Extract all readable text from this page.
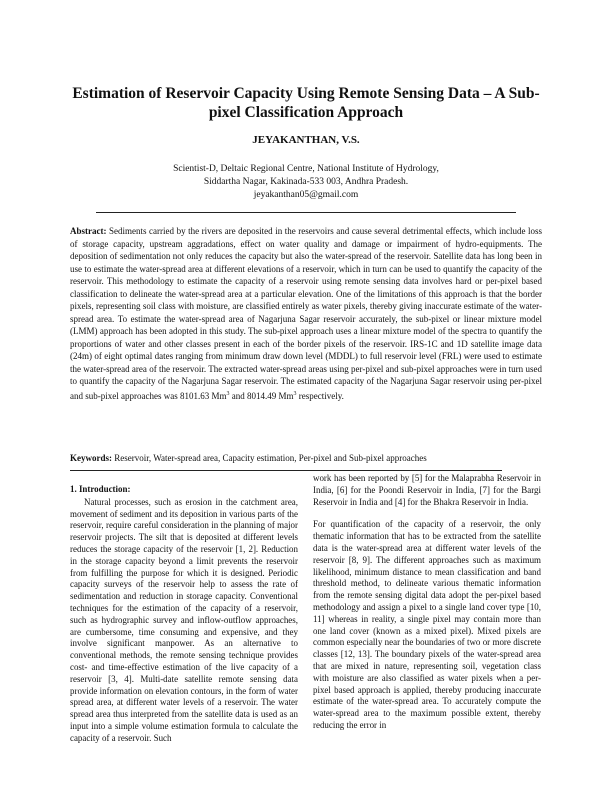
Estimation of Reservoir Capacity Using Remote Sensing Data – A Sub-pixel Classification Approach
JEYAKANTHAN, V.S.
Scientist-D, Deltaic Regional Centre, National Institute of Hydrology,
Siddartha Nagar, Kakinada-533 003, Andhra Pradesh.
jeyakanthan05@gmail.com
Abstract: Sediments carried by the rivers are deposited in the reservoirs and cause several detrimental effects, which include loss of storage capacity, upstream aggradations, effect on water quality and damage or impairment of hydro-equipments. The deposition of sedimentation not only reduces the capacity but also the water-spread of the reservoir. Satellite data has long been in use to estimate the water-spread area at different elevations of a reservoir, which in turn can be used to quantify the capacity of the reservoir. This methodology to estimate the capacity of a reservoir using remote sensing data involves hard or per-pixel based classification to delineate the water-spread area at a particular elevation. One of the limitations of this approach is that the border pixels, representing soil class with moisture, are classified entirely as water pixels, thereby giving inaccurate estimate of the water-spread area. To estimate the water-spread area of Nagarjuna Sagar reservoir accurately, the sub-pixel or linear mixture model (LMM) approach has been adopted in this study. The sub-pixel approach uses a linear mixture model of the spectra to quantify the proportions of water and other classes present in each of the border pixels of the reservoir. IRS-1C and 1D satellite image data (24m) of eight optimal dates ranging from minimum draw down level (MDDL) to full reservoir level (FRL) were used to estimate the water-spread area of the reservoir. The extracted water-spread areas using per-pixel and sub-pixel approaches were in turn used to quantify the capacity of the Nagarjuna Sagar reservoir. The estimated capacity of the Nagarjuna Sagar reservoir using per-pixel and sub-pixel approaches was 8101.63 Mm$^3$ and 8014.49 Mm$^3$ respectively.
Keywords: Reservoir, Water-spread area, Capacity estimation, Per-pixel and Sub-pixel approaches
1. Introduction:

Natural processes, such as erosion in the catchment area, movement of sediment and its deposition in various parts of the reservoir, require careful consideration in the planning of major reservoir projects. The silt that is deposited at different levels reduces the storage capacity of the reservoir [1, 2]. Reduction in the storage capacity beyond a limit prevents the reservoir from fulfilling the purpose for which it is designed. Periodic capacity surveys of the reservoir help to assess the rate of sedimentation and reduction in storage capacity. Conventional techniques for the estimation of the capacity of a reservoir, such as hydrographic survey and inflow-outflow approaches, are cumbersome, time consuming and expensive, and they involve significant manpower. As an alternative to conventional methods, the remote sensing technique provides cost- and time-effective estimation of the live capacity of a reservoir [3, 4]. Multi-date satellite remote sensing data provide information on elevation contours, in the form of water spread area, at different water levels of a reservoir. The water spread area thus interpreted from the satellite data is used as an input into a simple volume estimation formula to calculate the capacity of a reservoir. Such

work has been reported by [5] for the Malaprabha Reservoir in India, [6] for the Poondi Reservoir in India, [7] for the Bargi Reservoir in India and [4] for the Bhakra Reservoir in India.

For quantification of the capacity of a reservoir, the only thematic information that has to be extracted from the satellite data is the water-spread area at different water levels of the reservoir [8, 9]. The different approaches such as maximum likelihood, minimum distance to mean classification and band threshold method, to delineate various thematic information from the remote sensing digital data adopt the per-pixel based methodology and assign a pixel to a single land cover type [10, 11] whereas in reality, a single pixel may contain more than one land cover (known as a mixed pixel). Mixed pixels are common especially near the boundaries of two or more discrete classes [12, 13]. The boundary pixels of the water-spread area that are mixed in nature, representing soil, vegetation class with moisture are also classified as water pixels when a per-pixel based approach is applied, thereby producing inaccurate estimate of the water-spread area. To accurately compute the water-spread area to the maximum possible extent, thereby reducing the error in
